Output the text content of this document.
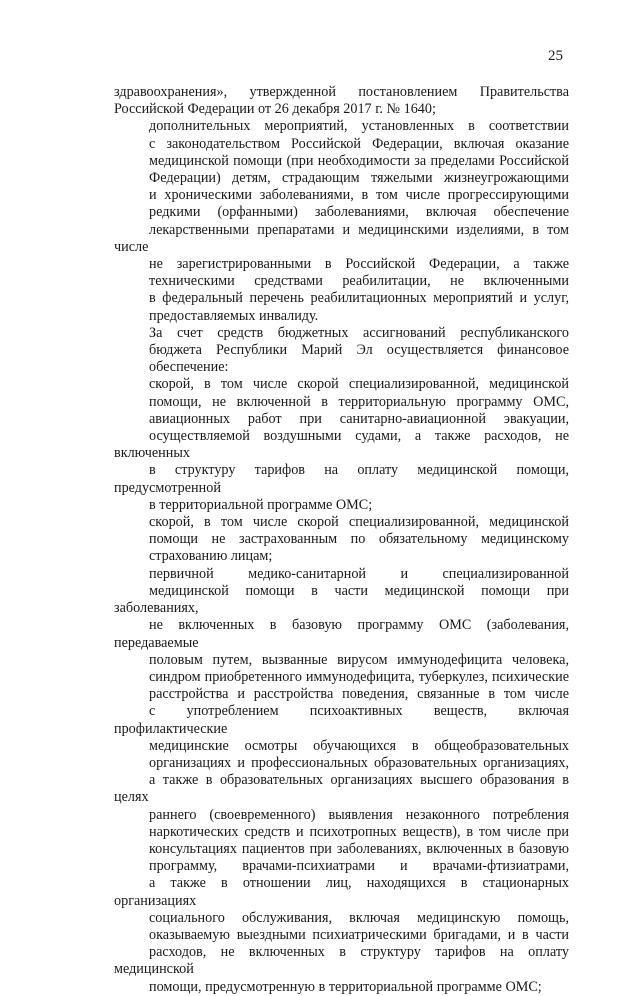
25

здравоохранения», утвержденной постановлением Правительства
Российской Федерации от 26 декабря 2017 г. № 1640;

дополнительных мероприятий, установленных в соответствии
с законодательством Российской Федерации, включая оказание
медицинской помощи (при необходимости за пределами Российской
Федерации) детям, страдающим тяжелыми жизнеугрожающими
и хроническими заболеваниями, в том числе прогрессирующими
редкими (орфанными) заболеваниями, включая обеспечение
лекарственными препаратами и медицинскими изделиями, в том числе
не зарегистрированными в Российской Федерации, а также
техническими средствами реабилитации, не включенными
в федеральный перечень реабилитационных мероприятий и услуг,
предоставляемых инвалиду.

За счет средств бюджетных ассигнований республиканского
бюджета Республики Марий Эл осуществляется финансовое
обеспечение:

скорой, в том числе скорой специализированной, медицинской
помощи, не включенной в территориальную программу ОМС,
авиационных работ при санитарно-авиационной эвакуации,
осуществляемой воздушными судами, а также расходов, не включенных
в структуру тарифов на оплату медицинской помощи, предусмотренной
в территориальной программе ОМС;

скорой, в том числе скорой специализированной, медицинской
помощи не застрахованным по обязательному медицинскому
страхованию лицам;

первичной медико-санитарной и специализированной
медицинской помощи в части медицинской помощи при заболеваниях,
не включенных в базовую программу ОМС (заболевания, передаваемые
половым путем, вызванные вирусом иммунодефицита человека,
синдром приобретенного иммунодефицита, туберкулез, психические
расстройства и расстройства поведения, связанные в том числе
с употреблением психоактивных веществ, включая профилактические
медицинские осмотры обучающихся в общеобразовательных
организациях и профессиональных образовательных организациях,
а также в образовательных организациях высшего образования в целях
раннего (своевременного) выявления незаконного потребления
наркотических средств и психотропных веществ), в том числе при
консультациях пациентов при заболеваниях, включенных в базовую
программу, врачами-психиатрами и врачами-фтизиатрами,
а также в отношении лиц, находящихся в стационарных организациях
социального обслуживания, включая медицинскую помощь,
оказываемую выездными психиатрическими бригадами, и в части
расходов, не включенных в структуру тарифов на оплату медицинской
помощи, предусмотренную в территориальной программе ОМС;
